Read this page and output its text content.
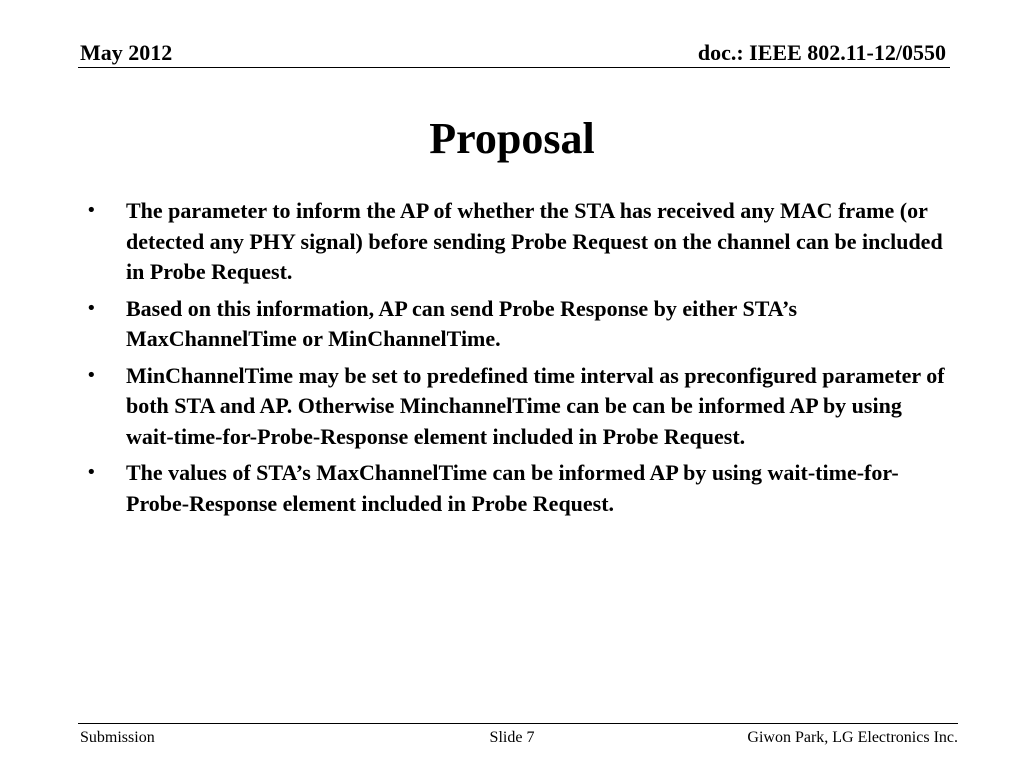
May 2012	doc.: IEEE 802.11-12/0550
Proposal
• The parameter to inform the AP of whether the STA has received any MAC frame (or detected any PHY signal) before sending Probe Request on the channel can be included in Probe Request.
• Based on this information, AP can send Probe Response by either STA’s MaxChannelTime or MinChannelTime.
• MinChannelTime may be set to predefined time interval as preconfigured parameter of both STA and AP. Otherwise MinchannelTime can be can be informed AP by using wait-time-for-Probe-Response element included in Probe Request.
• The values of STA’s MaxChannelTime can be informed AP by using wait-time-for-Probe-Response element included in Probe Request.
Submission	Slide 7	Giwon Park, LG Electronics Inc.
